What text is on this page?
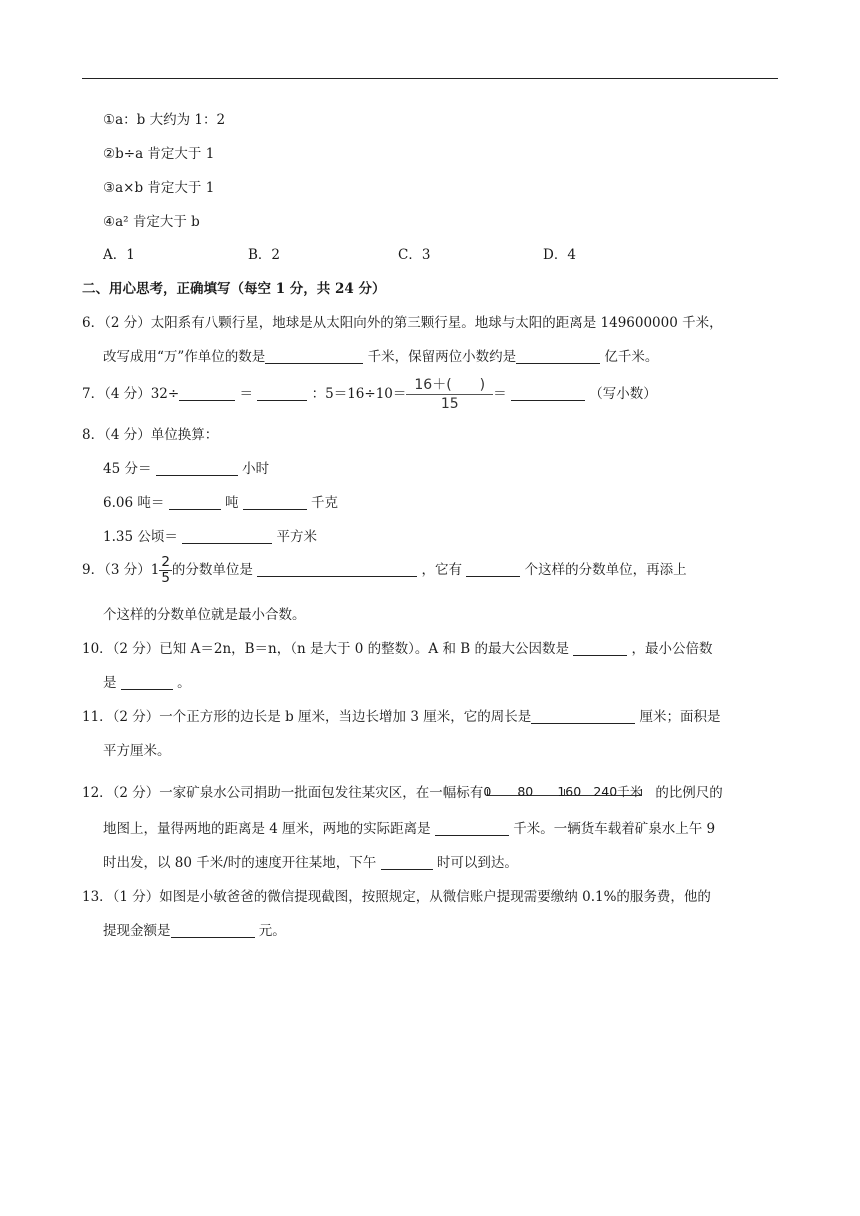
①a：b 大约为 1：2
②b÷a 肯定大于 1
③a×b 肯定大于 1
④a² 肯定大于 b
A．1	B．2	C．3	D．4
二、用心思考，正确填写（每空 1 分，共 24 分）
6．（2 分）太阳系有八颗行星，地球是从太阳向外的第三颗行星。地球与太阳的距离是 149600000 千米，
改写成用“万”作单位的数是	千米，保留两位小数约是	亿千米。
7．（4 分）32÷	＝	：$5=16\div 10= \frac{16+( )}{15}$ ＝	（写小数）
8．（4 分）单位换算：
45 分＝	小时
6.06 吨＝	吨	千克
1.35 公顷＝	平方米
9．（3 分）$1 \frac{2}{5}$ 的分数单位是	，它有	个这样的分数单位，再添上
个这样的分数单位就是最小合数。
10．（2 分）已知 A＝2n，B＝n，（n 是大于 0 的整数）。A 和 B 的最大公因数是	，最小公倍数
是	。
11．（2 分）一个正方形的边长是 b 厘米，当边长增加 3 厘米，它的周长是	厘米；面积是
平方厘米。
12．（2 分）一家矿泉水公司捐助一批面包发往某灾区，在一幅标有 0 80 160 240千米 的比例尺的
地图上，量得两地的距离是 4 厘米，两地的实际距离是	千米。一辆货车载着矿泉水上午 9
时出发，以 80 千米/时的速度开往某地，下午	时可以到达。
13．（1 分）如图是小敏爸爸的微信提现截图，按照规定，从微信账户提现需要缴纳 0.1%的服务费，他的
提现金额是	元。
